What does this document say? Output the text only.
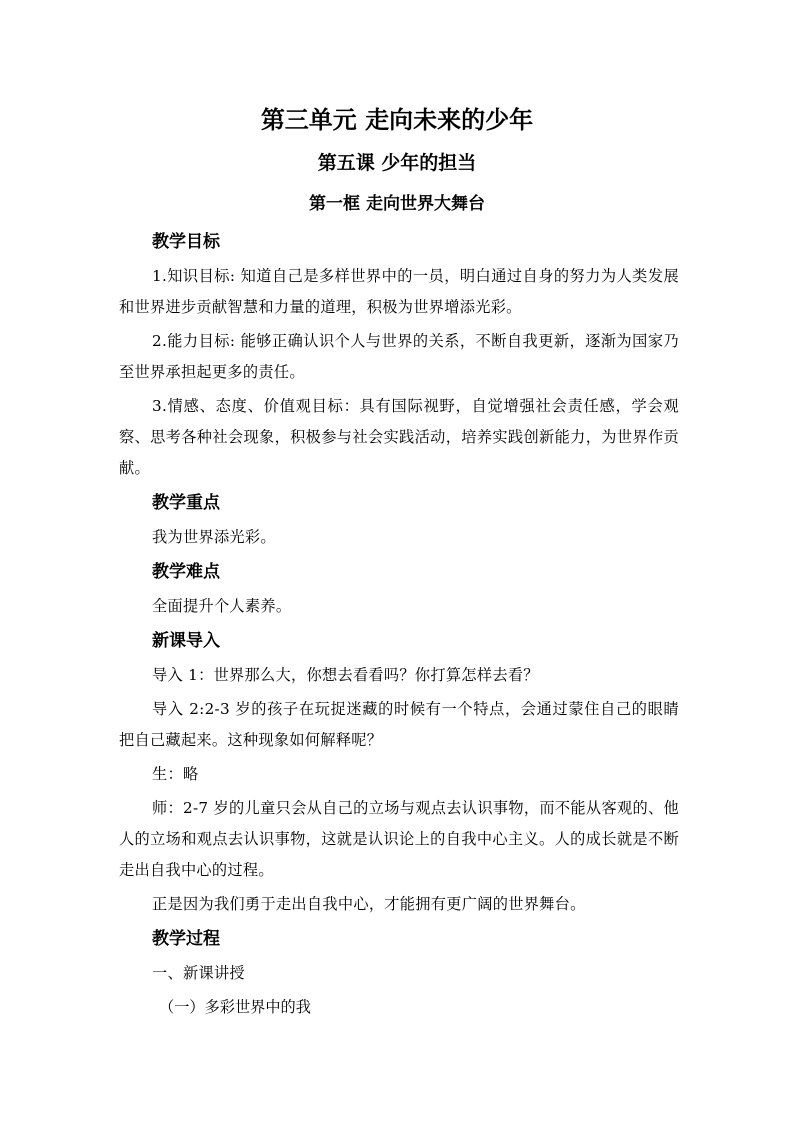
第三单元 走向未来的少年
第五课 少年的担当
第一框 走向世界大舞台
教学目标

1.知识目标: 知道自己是多样世界中的一员，明白通过自身的努力为人类发展和世界进步贡献智慧和力量的道理，积极为世界增添光彩。

2.能力目标: 能够正确认识个人与世界的关系，不断自我更新，逐渐为国家乃至世界承担起更多的责任。

3.情感、态度、价值观目标：具有国际视野，自觉增强社会责任感，学会观察、思考各种社会现象，积极参与社会实践活动，培养实践创新能力，为世界作贡献。

教学重点

我为世界添光彩。

教学难点

全面提升个人素养。

新课导入

导入 1：世界那么大，你想去看看吗？你打算怎样去看？

导入 2:2-3 岁的孩子在玩捉迷藏的时候有一个特点，会通过蒙住自己的眼睛把自己藏起来。这种现象如何解释呢？

生：略

师：2-7 岁的儿童只会从自己的立场与观点去认识事物，而不能从客观的、他人的立场和观点去认识事物，这就是认识论上的自我中心主义。人的成长就是不断走出自我中心的过程。

正是因为我们勇于走出自我中心，才能拥有更广阔的世界舞台。

教学过程

一、新课讲授

（一）多彩世界中的我
